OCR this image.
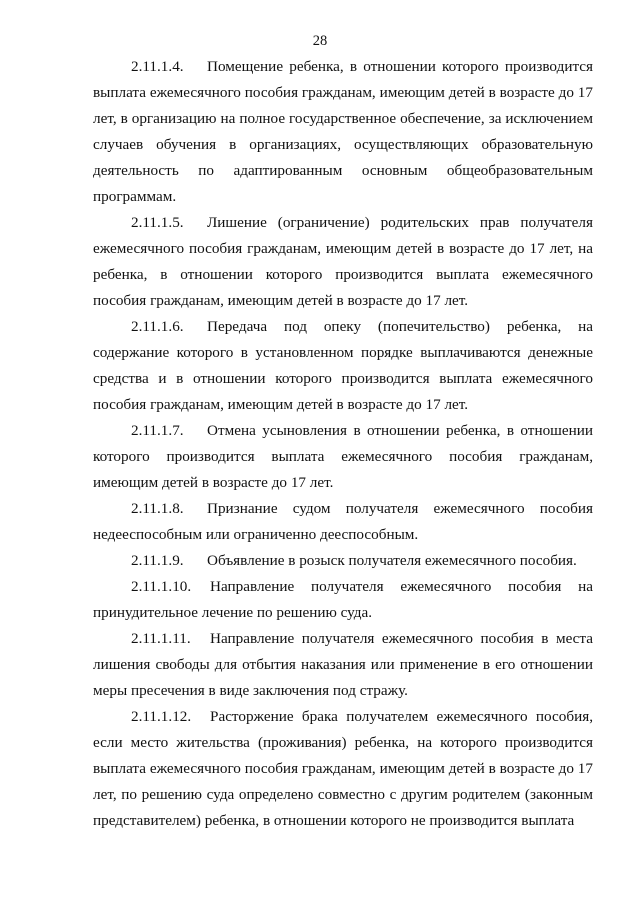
28

2.11.1.4. Помещение ребенка, в отношении которого производится выплата ежемесячного пособия гражданам, имеющим детей в возрасте до 17 лет, в организацию на полное государственное обеспечение, за исключением случаев обучения в организациях, осуществляющих образовательную деятельность по адаптированным основным общеобразовательным программам.

2.11.1.5. Лишение (ограничение) родительских прав получателя ежемесячного пособия гражданам, имеющим детей в возрасте до 17 лет, на ребенка, в отношении которого производится выплата ежемесячного пособия гражданам, имеющим детей в возрасте до 17 лет.

2.11.1.6. Передача под опеку (попечительство) ребенка, на содержание которого в установленном порядке выплачиваются денежные средства и в отношении которого производится выплата ежемесячного пособия гражданам, имеющим детей в возрасте до 17 лет.

2.11.1.7. Отмена усыновления в отношении ребенка, в отношении которого производится выплата ежемесячного пособия гражданам, имеющим детей в возрасте до 17 лет.

2.11.1.8. Признание судом получателя ежемесячного пособия недееспособным или ограниченно дееспособным.

2.11.1.9. Объявление в розыск получателя ежемесячного пособия.

2.11.1.10. Направление получателя ежемесячного пособия на принудительное лечение по решению суда.

2.11.1.11. Направление получателя ежемесячного пособия в места лишения свободы для отбытия наказания или применение в его отношении меры пресечения в виде заключения под стражу.

2.11.1.12. Расторжение брака получателем ежемесячного пособия, если место жительства (проживания) ребенка, на которого производится выплата ежемесячного пособия гражданам, имеющим детей в возрасте до 17 лет, по решению суда определено совместно с другим родителем (законным представителем) ребенка, в отношении которого не производится выплата
